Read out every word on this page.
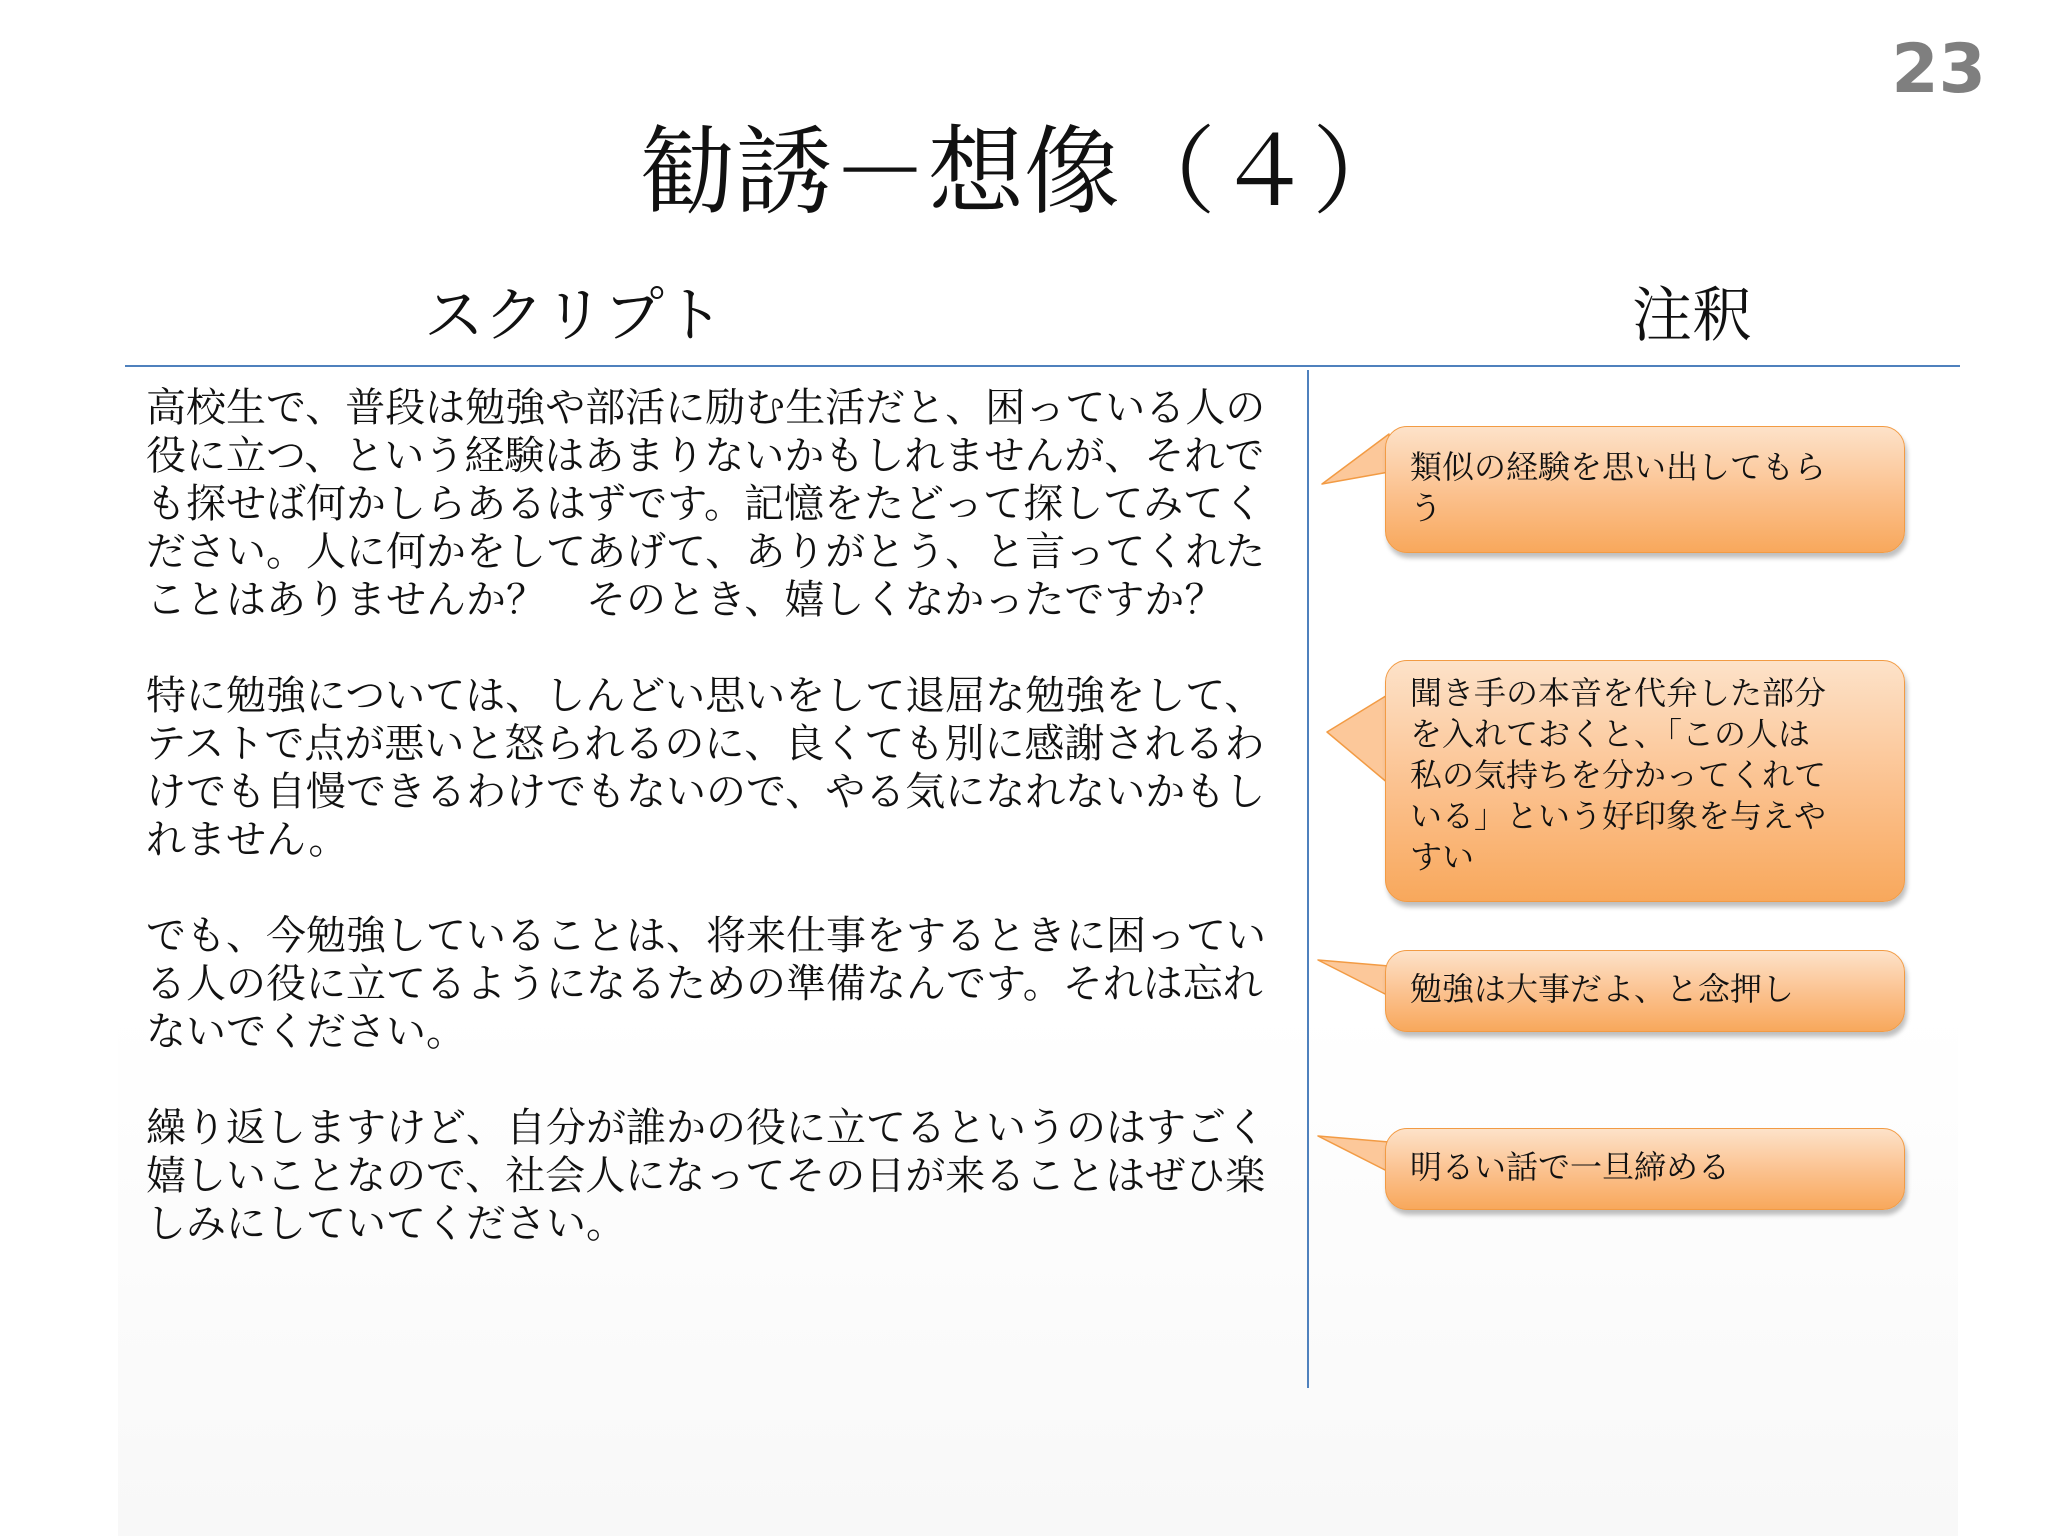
23
勧誘－想像（４）
スクリプト	注釈

高校生で、普段は勉強や部活に励む生活だと、困っている人の
役に立つ、という経験はあまりないかもしれませんが、それで
も探せば何かしらあるはずです。記憶をたどって探してみてく
ださい。人に何かをしてあげて、ありがとう、と言ってくれた
ことはありませんか？　そのとき、嬉しくなかったですか？

特に勉強については、しんどい思いをして退屈な勉強をして、
テストで点が悪いと怒られるのに、良くても別に感謝されるわ
けでも自慢できるわけでもないので、やる気になれないかもし
れません。

でも、今勉強していることは、将来仕事をするときに困ってい
る人の役に立てるようになるための準備なんです。それは忘れ
ないでください。

繰り返しますけど、自分が誰かの役に立てるというのはすごく
嬉しいことなので、社会人になってその日が来ることはぜひ楽
しみにしていてください。

類似の経験を思い出してもら
う
聞き手の本音を代弁した部分
を入れておくと、「この人は
私の気持ちを分かってくれて
いる」という好印象を与えや
すい
勉強は大事だよ、と念押し
明るい話で一旦締める
